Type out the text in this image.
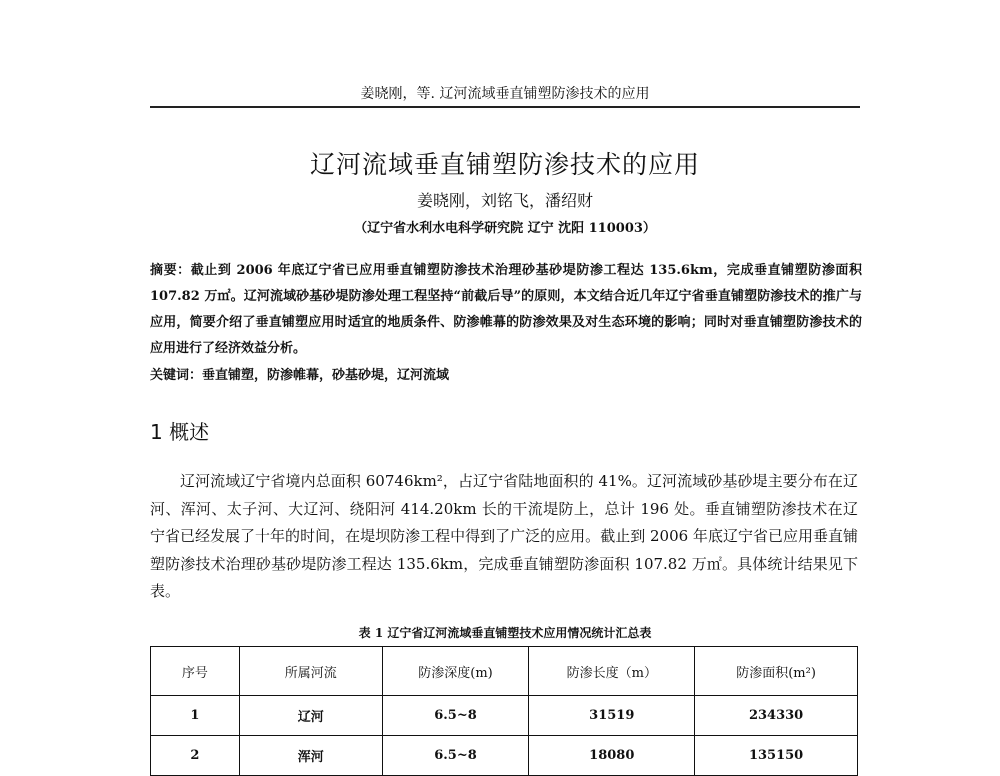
姜晓刚，等. 辽河流域垂直铺塑防渗技术的应用
辽河流域垂直铺塑防渗技术的应用
姜晓刚，刘铭飞，潘绍财
（辽宁省水利水电科学研究院 辽宁 沈阳 110003）
摘要：截止到 2006 年底辽宁省已应用垂直铺塑防渗技术治理砂基砂堤防渗工程达 135.6km，完成垂直铺塑防渗面积 107.82 万㎡。辽河流域砂基砂堤防渗处理工程坚持“前截后导”的原则，本文结合近几年辽宁省垂直铺塑防渗技术的推广与应用，简要介绍了垂直铺塑应用时适宜的地质条件、防渗帷幕的防渗效果及对生态环境的影响；同时对垂直铺塑防渗技术的应用进行了经济效益分析。
关键词：垂直铺塑，防渗帷幕，砂基砂堤，辽河流域
1 概述
辽河流域辽宁省境内总面积 60746km²，占辽宁省陆地面积的 41%。辽河流域砂基砂堤主要分布在辽河、浑河、太子河、大辽河、绕阳河 414.20km 长的干流堤防上，总计 196 处。垂直铺塑防渗技术在辽宁省已经发展了十年的时间，在堤坝防渗工程中得到了广泛的应用。截止到 2006 年底辽宁省已应用垂直铺塑防渗技术治理砂基砂堤防渗工程达 135.6km，完成垂直铺塑防渗面积 107.82 万㎡。具体统计结果见下表。
表 1 辽宁省辽河流域垂直铺塑技术应用情况统计汇总表
序号	所属河流	防渗深度(m)	防渗长度（m）	防渗面积(m²)
1	辽河	6.5~8	31519	234330
2	浑河	6.5~8	18080	135150
